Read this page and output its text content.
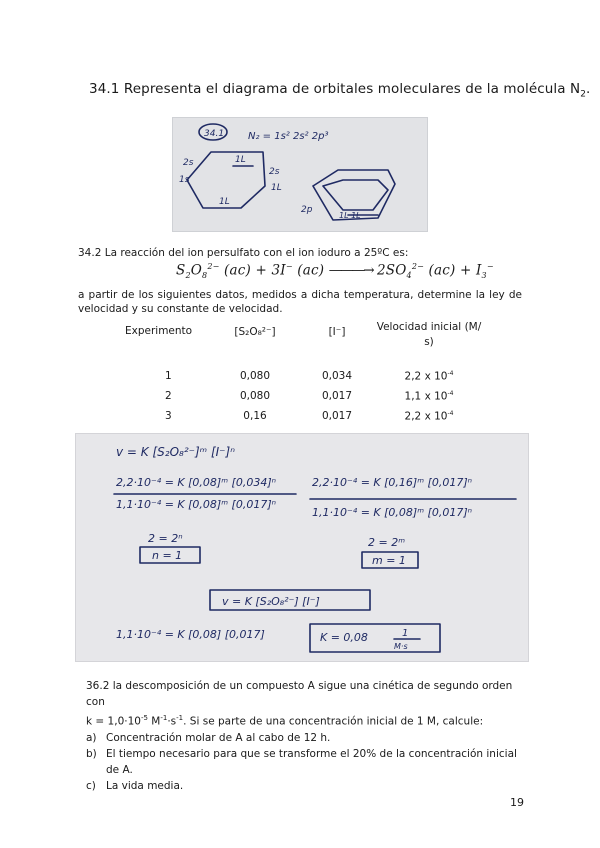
34.1 Representa el diagrama de orbitales moleculares de la molécula $N_2$.
34.1 N₂ = 1s² 2s² 2p³
1L
2s
1s
2s
1L
1L
2p
1L 1L
34.2 La reacción del ion persulfato con el ion ioduro a 25ºC es:
$S_2O_8^{2-}$ (ac) + 3I− (ac) ———→ $2SO_4^{2-}$ $(ac) + I_3^-$
a partir de los siguientes datos, medidos a dicha temperatura, determine la ley de velocidad y su constante de velocidad.
Experimento	[S₂O₈²⁻]	[I⁻]	Velocidad inicial (M/
s)

1	0,080	0,034	2,2 x $10^{-4}$
2	0,080	0,017	1,1 x $10^{-4}$
3	0,16	0,017	2,2 x $10^{-4}$
v = K [S₂O₈²⁻]ᵐ [I⁻]ⁿ
2,2·10⁻⁴ = K [0,08]ᵐ [0,034]ⁿ
1,1·10⁻⁴ = K [0,08]ᵐ [0,017]ⁿ
2,2·10⁻⁴ = K [0,16]ᵐ [0,017]ⁿ
1,1·10⁻⁴ = K [0,08]ᵐ [0,017]ⁿ
2 = 2ⁿ
n = 1
2 = 2ᵐ
m = 1
v = K [S₂O₈²⁻] [I⁻]
1,1·10⁻⁴ = K [0,08] [0,017]	K = 0,08	1
M·s
36.2 la descomposición de un compuesto A sigue una cinética de segundo orden con
$k = 1,0\cdot 10^{-5}$ $M^{-1}\cdot s^{-1}$. Si se parte de una concentración inicial de 1 M, calcule:
a) Concentración molar de A al cabo de 12 h.
b) El tiempo necesario para que se transforme el 20% de la concentración inicial de A.
c) La vida media.
19
